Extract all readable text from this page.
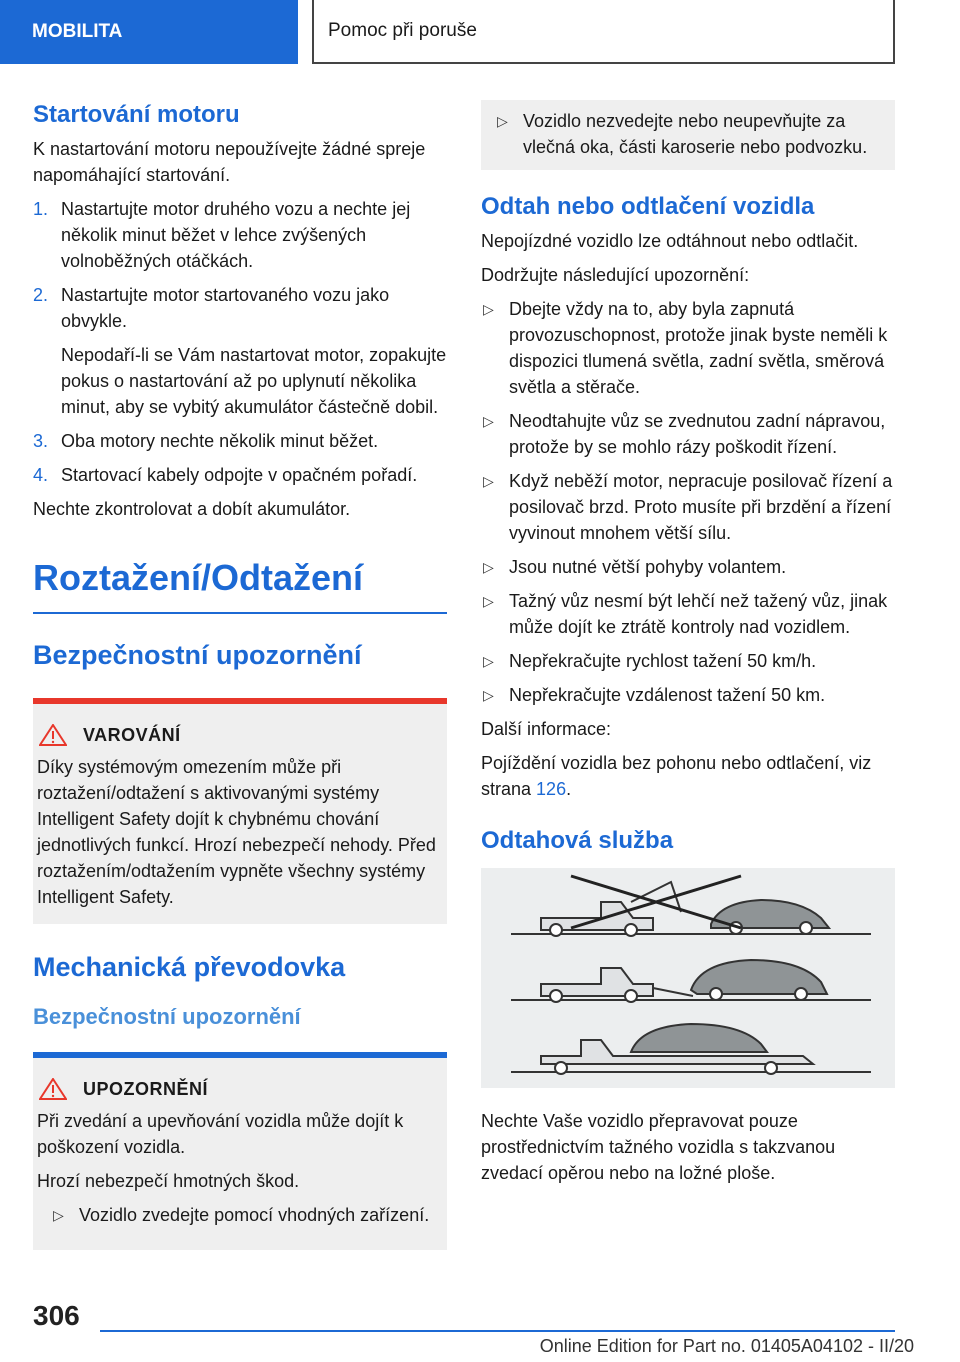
MOBILITA	Pomoc při poruše
Startování motoru

K nastartování motoru nepoužívejte žádné spreje napomáhající startování.

1. Nastartujte motor druhého vozu a nechte jej několik minut běžet v lehce zvýšených volnoběžných otáčkách.
2. Nastartujte motor startovaného vozu jako obvykle.

Nepodaří-li se Vám nastartovat motor, zopakujte pokus o nastartování až po uplynutí několika minut, aby se vybitý akumulátor částečně dobil.

3. Oba motory nechte několik minut běžet.
4. Startovací kabely odpojte v opačném pořadí.

Nechte zkontrolovat a dobít akumulátor.

Roztažení/Odtažení
Bezpečnostní upozornění
VAROVÁNÍ

Díky systémovým omezením může při roztažení/odtažení s aktivovanými systémy Intelligent Safety dojít k chybnému chování jednotlivých funkcí. Hrozí nebezpečí nehody. Před roztažením/odtažením vypněte všechny systémy Intelligent Safety.

Mechanická převodovka
Bezpečnostní upozornění
UPOZORNĚNÍ

Při zvedání a upevňování vozidla může dojít k poškození vozidla.

Hrozí nebezpečí hmotných škod.

▷ Vozidlo zvedejte pomocí vhodných zařízení.
▷ Vozidlo nezvedejte nebo neupevňujte za vlečná oka, části karoserie nebo podvozku.
Odtah nebo odtlačení vozidla

Nepojízdné vozidlo lze odtáhnout nebo odtlačit.

Dodržujte následující upozornění:

▷ Dbejte vždy na to, aby byla zapnutá provozuschopnost, protože jinak byste neměli k dispozici tlumená světla, zadní světla, směrová světla a stěrače.
▷ Neodtahujte vůz se zvednutou zadní nápravou, protože by se mohlo rázy poškodit řízení.
▷ Když neběží motor, nepracuje posilovač řízení a posilovač brzd. Proto musíte při brzdění a řízení vyvinout mnohem větší sílu.
▷ Jsou nutné větší pohyby volantem.
▷ Tažný vůz nesmí být lehčí než tažený vůz, jinak může dojít ke ztrátě kontroly nad vozidlem.
▷ Nepřekračujte rychlost tažení 50 km/h.
▷ Nepřekračujte vzdálenost tažení 50 km.

Další informace:

Pojíždění vozidla bez pohonu nebo odtlačení, viz strana 126.

Odtahová služba

Nechte Vaše vozidlo přepravovat pouze prostřednictvím tažného vozidla s takzvanou zvedací opěrou nebo na ložné ploše.

306
Online Edition for Part no. 01405A04102 - II/20
